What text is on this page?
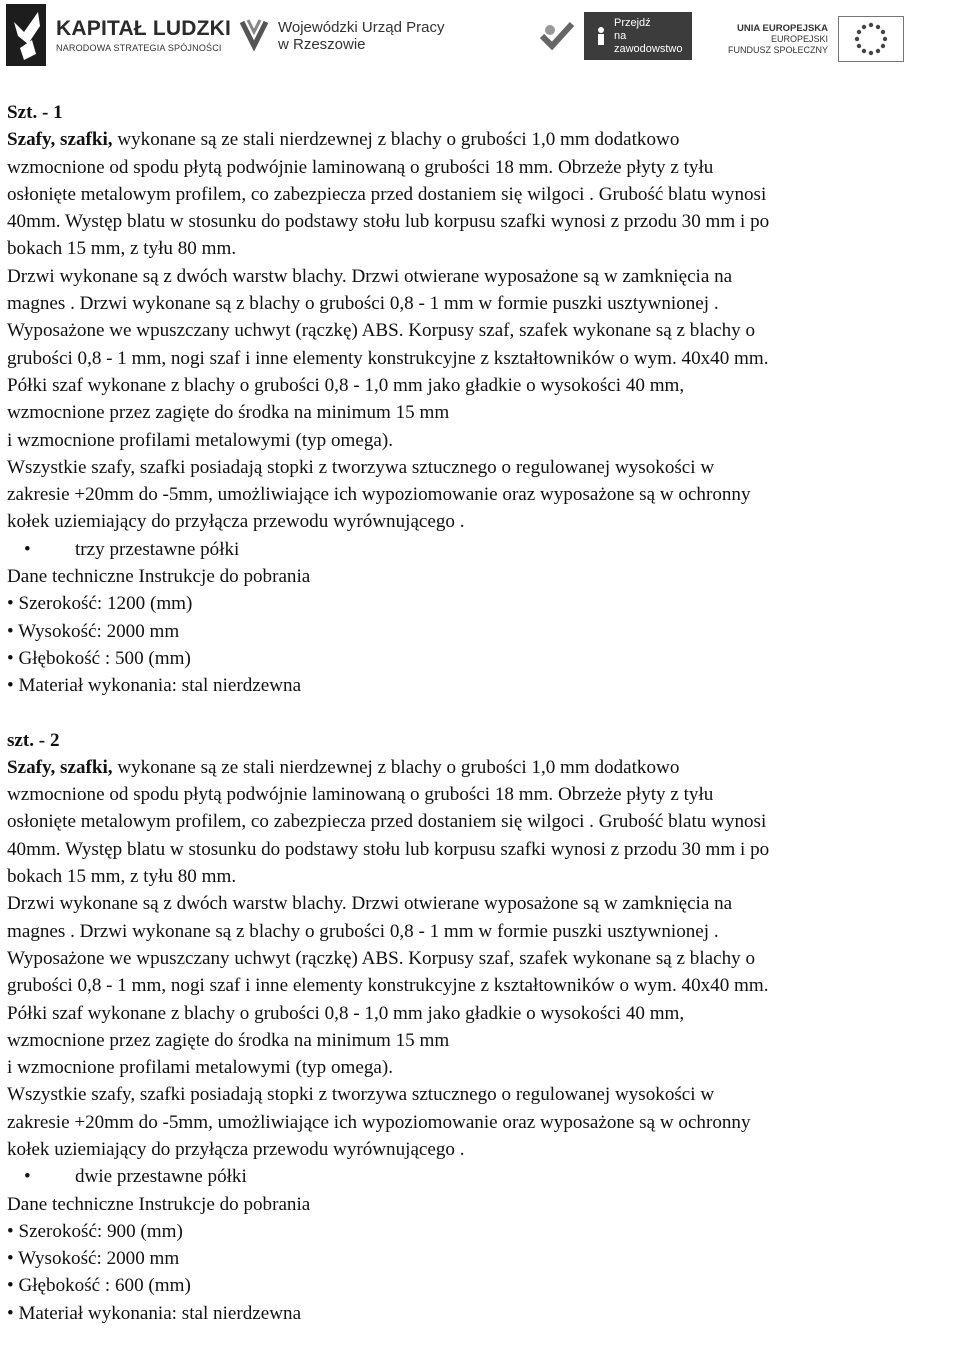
KAPITAŁ LUDZKI
NARODOWA STRATEGIA SPÓJNOŚCI
Wojewódzki Urząd Pracy
w Rzeszowie
Przejdź
na zawodowstwo
UNIA EUROPEJSKA
EUROPEJSKI
FUNDUSZ SPOŁECZNY

Szt. - 1

Szafy, szafki, wykonane są ze stali nierdzewnej z blachy o grubości 1,0 mm dodatkowo

wzmocnione od spodu płytą podwójnie laminowaną o grubości 18 mm. Obrzeże płyty z tyłu

osłonięte metalowym profilem, co zabezpiecza przed dostaniem się wilgoci . Grubość blatu wynosi

40mm. Występ blatu w stosunku do podstawy stołu lub korpusu szafki wynosi z przodu 30 mm i po

bokach 15 mm, z tyłu 80 mm.

Drzwi wykonane są z dwóch warstw blachy. Drzwi otwierane wyposażone są w zamknięcia na

magnes . Drzwi wykonane są z blachy o grubości 0,8 - 1 mm w formie puszki usztywnionej .

Wyposażone we wpuszczany uchwyt (rączkę) ABS. Korpusy szaf, szafek wykonane są z blachy o

grubości 0,8 - 1 mm, nogi szaf i inne elementy konstrukcyjne z kształtowników o wym. 40x40 mm.

Półki szaf wykonane z blachy o grubości 0,8 - 1,0 mm jako gładkie o wysokości 40 mm,

wzmocnione przez zagięte do środka na minimum 15 mm

i wzmocnione profilami metalowymi (typ omega).

Wszystkie szafy, szafki posiadają stopki z tworzywa sztucznego o regulowanej wysokości w

zakresie +20mm do -5mm, umożliwiające ich wypoziomowanie oraz wyposażone są w ochronny

kołek uziemiający do przyłącza przewodu wyrównującego .

•	trzy przestawne półki

Dane techniczne Instrukcje do pobrania

• Szerokość: 1200 (mm)

• Wysokość: 2000 mm

• Głębokość : 500 (mm)

• Materiał wykonania: stal nierdzewna

szt. - 2

Szafy, szafki, wykonane są ze stali nierdzewnej z blachy o grubości 1,0 mm dodatkowo

wzmocnione od spodu płytą podwójnie laminowaną o grubości 18 mm. Obrzeże płyty z tyłu

osłonięte metalowym profilem, co zabezpiecza przed dostaniem się wilgoci . Grubość blatu wynosi

40mm. Występ blatu w stosunku do podstawy stołu lub korpusu szafki wynosi z przodu 30 mm i po

bokach 15 mm, z tyłu 80 mm.

Drzwi wykonane są z dwóch warstw blachy. Drzwi otwierane wyposażone są w zamknięcia na

magnes . Drzwi wykonane są z blachy o grubości 0,8 - 1 mm w formie puszki usztywnionej .

Wyposażone we wpuszczany uchwyt (rączkę) ABS. Korpusy szaf, szafek wykonane są z blachy o

grubości 0,8 - 1 mm, nogi szaf i inne elementy konstrukcyjne z kształtowników o wym. 40x40 mm.

Półki szaf wykonane z blachy o grubości 0,8 - 1,0 mm jako gładkie o wysokości 40 mm,

wzmocnione przez zagięte do środka na minimum 15 mm

i wzmocnione profilami metalowymi (typ omega).

Wszystkie szafy, szafki posiadają stopki z tworzywa sztucznego o regulowanej wysokości w

zakresie +20mm do -5mm, umożliwiające ich wypoziomowanie oraz wyposażone są w ochronny

kołek uziemiający do przyłącza przewodu wyrównującego .

•	dwie przestawne półki

Dane techniczne Instrukcje do pobrania

• Szerokość: 900 (mm)

• Wysokość: 2000 mm

• Głębokość : 600 (mm)

• Materiał wykonania: stal nierdzewna
